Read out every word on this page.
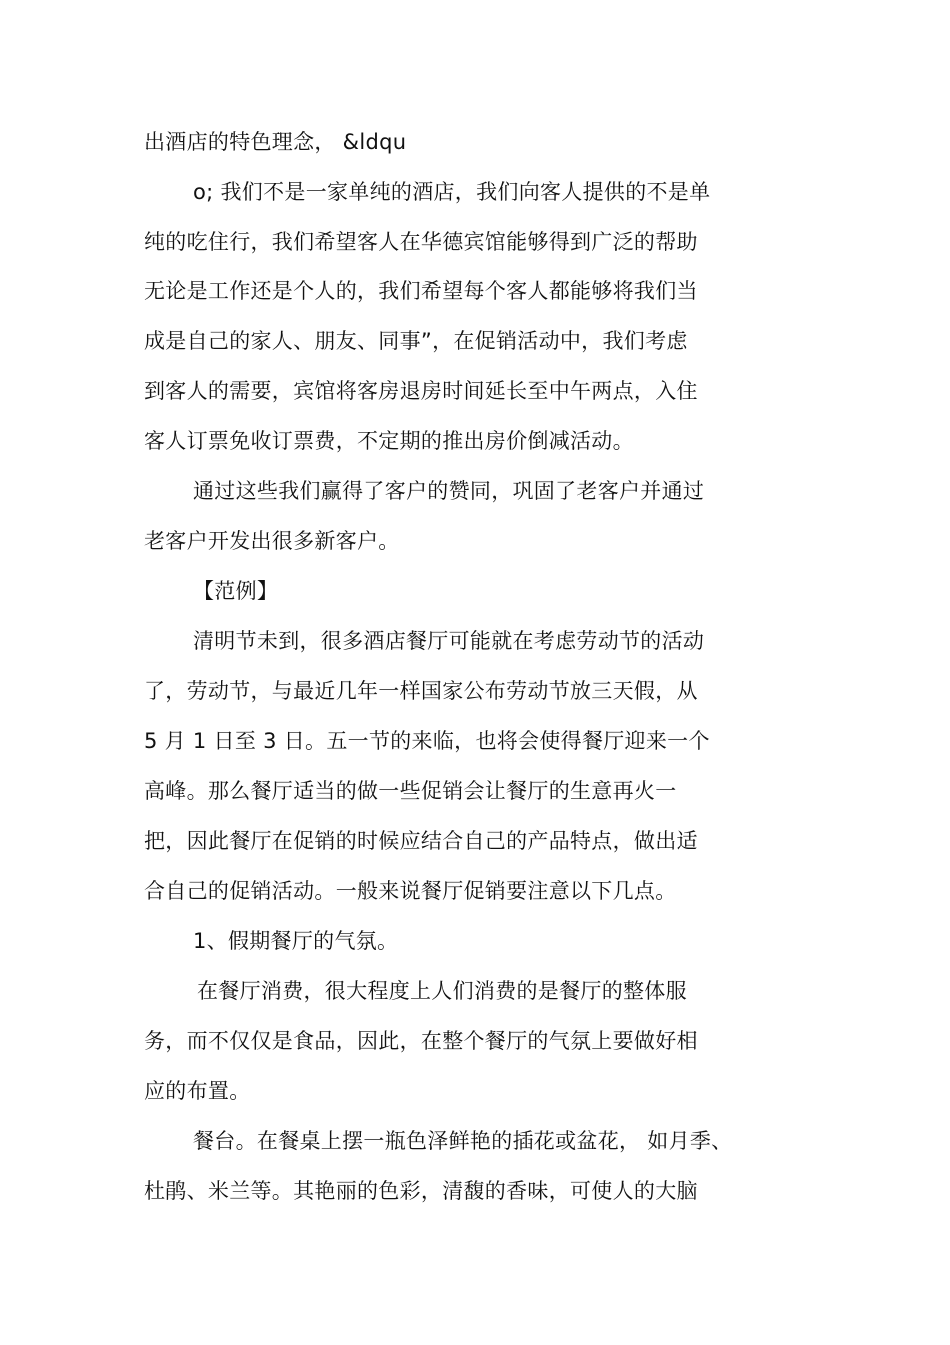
出酒店的特色理念， &ldqu
o; 我们不是一家单纯的酒店，我们向客人提供的不是单
纯的吃住行，我们希望客人在华德宾馆能够得到广泛的帮助
无论是工作还是个人的，我们希望每个客人都能够将我们当
成是自己的家人、朋友、同事”，在促销活动中，我们考虑
到客人的需要，宾馆将客房退房时间延长至中午两点，入住
客人订票免收订票费，不定期的推出房价倒减活动。
通过这些我们赢得了客户的赞同，巩固了老客户并通过
老客户开发出很多新客户。
【范例】
清明节未到，很多酒店餐厅可能就在考虑劳动节的活动
了，劳动节，与最近几年一样国家公布劳动节放三天假，从
5 月 1 日至 3 日。五一节的来临，也将会使得餐厅迎来一个
高峰。那么餐厅适当的做一些促销会让餐厅的生意再火一
把，因此餐厅在促销的时候应结合自己的产品特点，做出适
合自己的促销活动。一般来说餐厅促销要注意以下几点。
1、假期餐厅的气氛。
在餐厅消费，很大程度上人们消费的是餐厅的整体服
务，而不仅仅是食品，因此，在整个餐厅的气氛上要做好相
应的布置。
餐台。在餐桌上摆一瓶色泽鲜艳的插花或盆花， 如月季、
杜鹃、米兰等。其艳丽的色彩，清馥的香味，可使人的大脑
